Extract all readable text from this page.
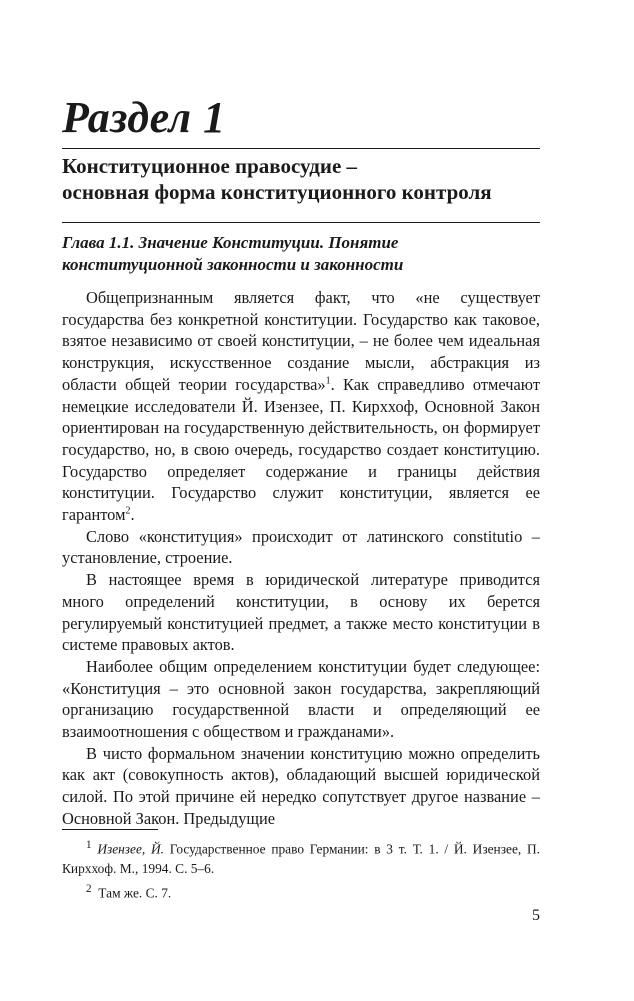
Раздел 1
Конституционное правосудие –
основная форма конституционного контроля
Глава 1.1. Значение Конституции. Понятие
конституционной законности и законности

Общепризнанным является факт, что «не существует государства без конкретной конституции. Государство как таковое, взятое независимо от своей конституции, – не более чем идеальная конструкция, искусственное создание мысли, абстракция из области общей теории государства»$^1$. Как справедливо отмечают немецкие исследователи Й. Изензее, П. Кирххоф, Основной Закон ориентирован на государственную действительность, он формирует государство, но, в свою очередь, государство создает конституцию. Государство определяет содержание и границы действия конституции. Государство служит конституции, является ее гарантом$^2$.

Слово «конституция» происходит от латинского constitutio – установление, строение.

В настоящее время в юридической литературе приводится много определений конституции, в основу их берется регулируемый конституцией предмет, а также место конституции в системе правовых актов.

Наиболее общим определением конституции будет следующее: «Конституция – это основной закон государства, закрепляющий организацию государственной власти и определяющий ее взаимоотношения с обществом и гражданами».

В чисто формальном значении конституцию можно определить как акт (совокупность актов), обладающий высшей юридической силой. По этой причине ей нередко сопутствует другое название – Основной Закон. Предыдущие

$^1$ Изензее, Й. Государственное право Германии: в 3 т. Т. 1. / Й. Изензее, П. Кирххоф. М., 1994. С. 5–6.

$^2$  Там же. С. 7.

5
